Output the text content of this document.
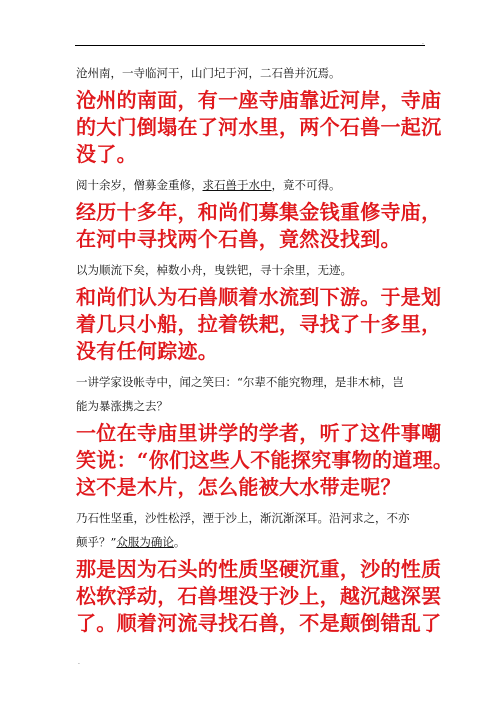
.
.

沧州南，一寺临河干，山门圮于河，二石兽并沉焉。

沧州的南面，有一座寺庙靠近河岸，寺庙

的大门倒塌在了河水里，两个石兽一起沉

没了。

阅十余岁，僧募金重修，求石兽于水中，竟不可得。

经历十多年，和尚们募集金钱重修寺庙，

在河中寻找两个石兽，竟然没找到。

以为顺流下矣，棹数小舟，曳铁钯，寻十余里，无迹。

和尚们认为石兽顺着水流到下游。于是划

着几只小船，拉着铁耙，寻找了十多里，

没有任何踪迹。

一讲学家设帐寺中，闻之笑曰：“尔辈不能究物理，是非木柿，岂

能为暴涨携之去？

一位在寺庙里讲学的学者，听了这件事嘲

笑说：“你们这些人不能探究事物的道理。

这不是木片，怎么能被大水带走呢？

乃石性坚重，沙性松浮，湮于沙上，渐沉渐深耳。沿河求之，不亦

颠乎？”众服为确论。

那是因为石头的性质坚硬沉重，沙的性质

松软浮动，石兽埋没于沙上，越沉越深罢

了。顺着河流寻找石兽，不是颠倒错乱了
